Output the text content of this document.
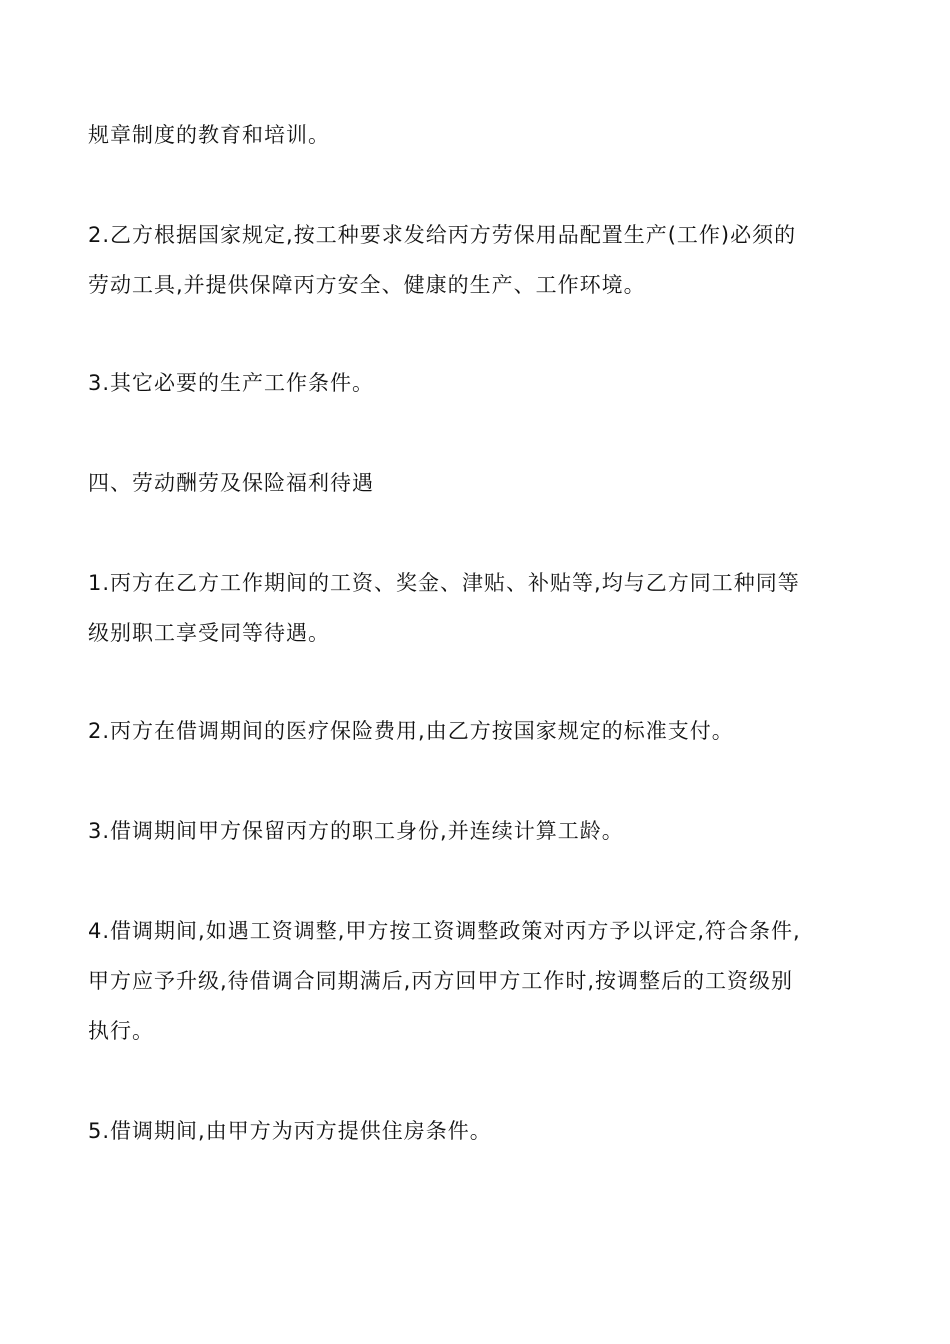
规章制度的教育和培训。
2.乙方根据国家规定,按工种要求发给丙方劳保用品配置生产(工作)必须的
劳动工具,并提供保障丙方安全、健康的生产、工作环境。
3.其它必要的生产工作条件。
四、劳动酬劳及保险福利待遇
1.丙方在乙方工作期间的工资、奖金、津贴、补贴等,均与乙方同工种同等
级别职工享受同等待遇。
2.丙方在借调期间的医疗保险费用,由乙方按国家规定的标准支付。
3.借调期间甲方保留丙方的职工身份,并连续计算工龄。
4.借调期间,如遇工资调整,甲方按工资调整政策对丙方予以评定,符合条件,
甲方应予升级,待借调合同期满后,丙方回甲方工作时,按调整后的工资级别
执行。
5.借调期间,由甲方为丙方提供住房条件。
